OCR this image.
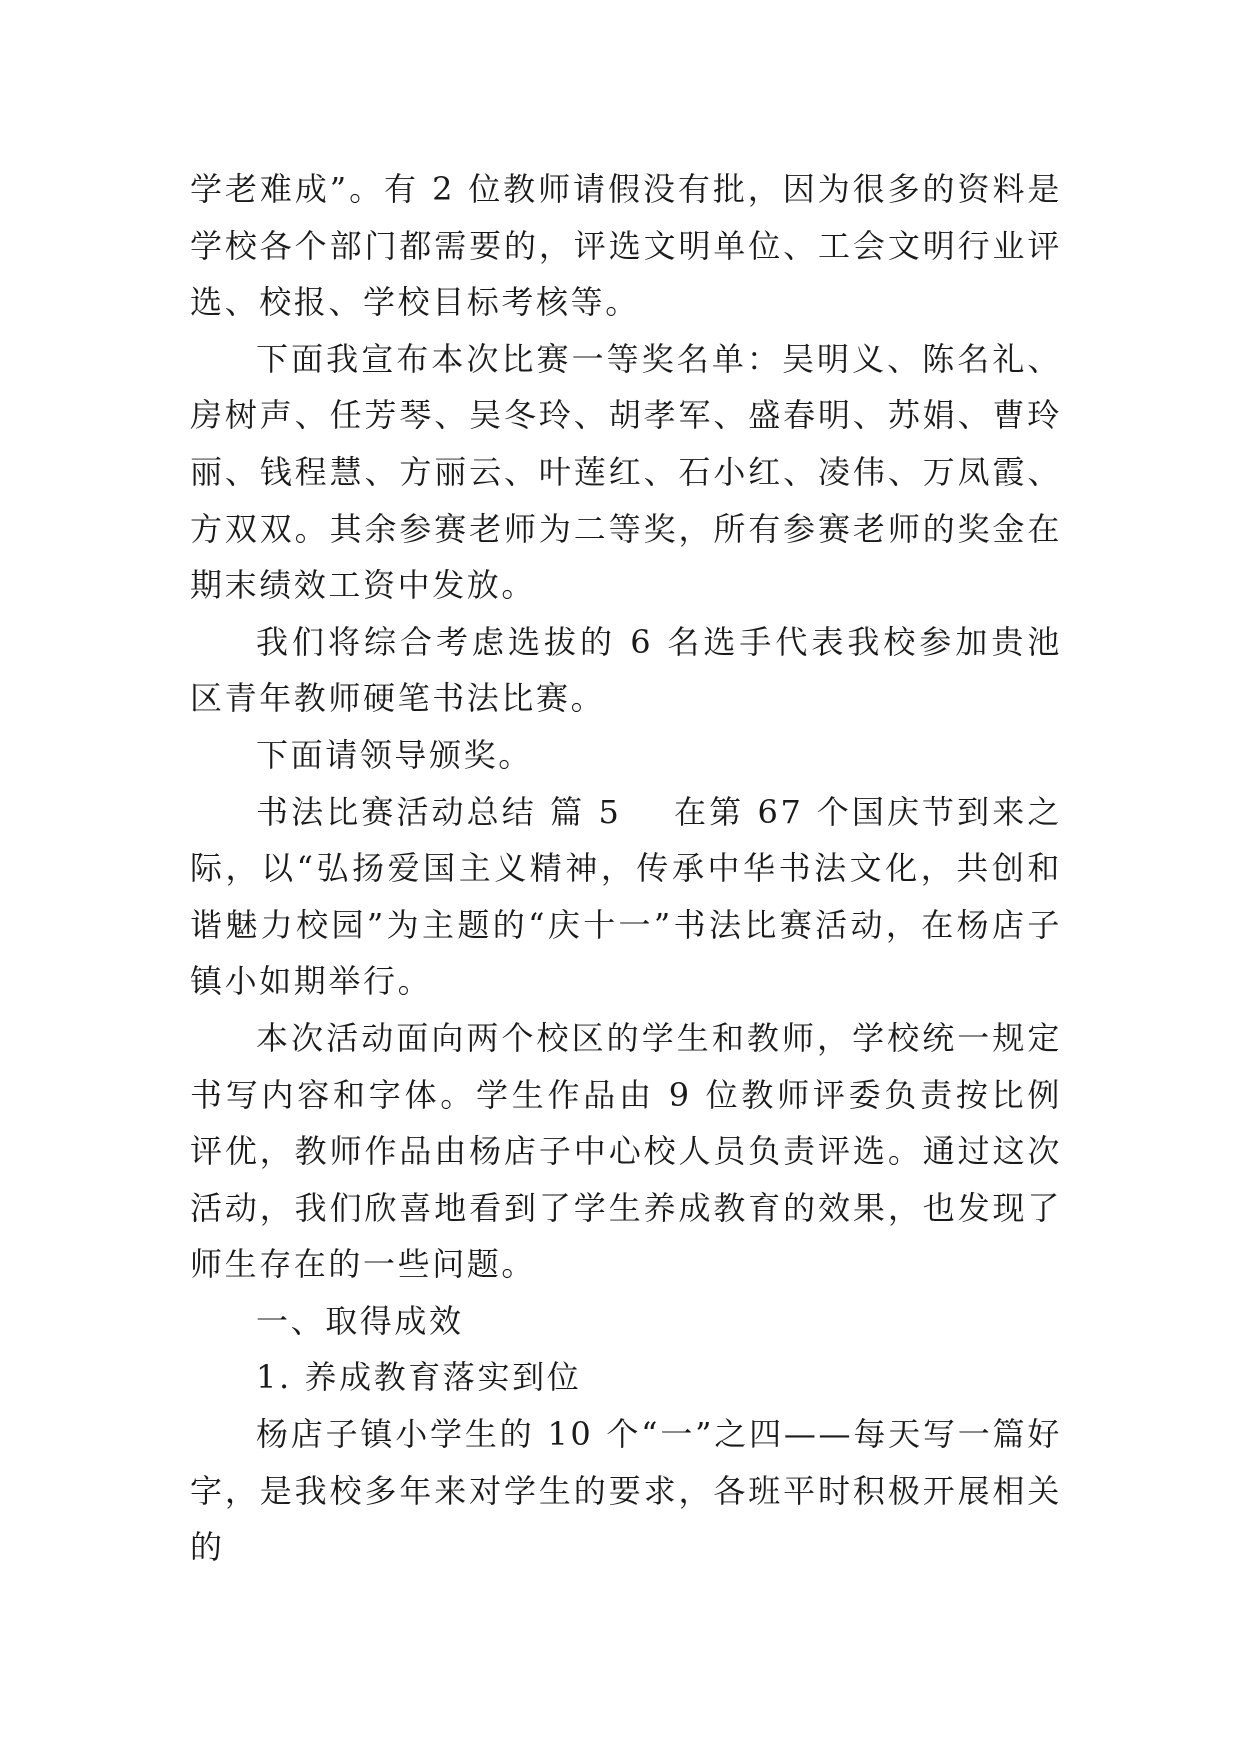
学老难成”。有 2 位教师请假没有批，因为很多的资料是学校各个部门都需要的，评选文明单位、工会文明行业评选、校报、学校目标考核等。

下面我宣布本次比赛一等奖名单：吴明义、陈名礼、房树声、任芳琴、吴冬玲、胡孝军、盛春明、苏娟、曹玲丽、钱程慧、方丽云、叶莲红、石小红、凌伟、万凤霞、方双双。其余参赛老师为二等奖，所有参赛老师的奖金在期末绩效工资中发放。

我们将综合考虑选拔的 6 名选手代表我校参加贵池区青年教师硬笔书法比赛。

下面请领导颁奖。

书法比赛活动总结 篇 5 在第 67 个国庆节到来之际，以“弘扬爱国主义精神，传承中华书法文化，共创和谐魅力校园”为主题的“庆十一”书法比赛活动，在杨店子镇小如期举行。

本次活动面向两个校区的学生和教师，学校统一规定书写内容和字体。学生作品由 9 位教师评委负责按比例评优，教师作品由杨店子中心校人员负责评选。通过这次活动，我们欣喜地看到了学生养成教育的效果，也发现了师生存在的一些问题。

一、取得成效

1. 养成教育落实到位

杨店子镇小学生的 10 个“一”之四——每天写一篇好字，是我校多年来对学生的要求，各班平时积极开展相关的
